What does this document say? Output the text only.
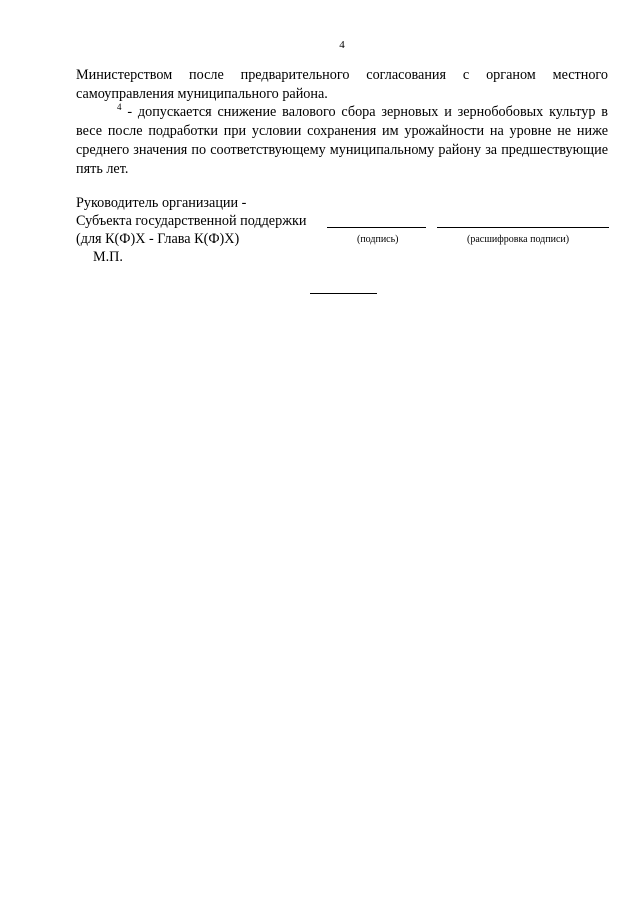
4
Министерством после предварительного согласования с органом местного самоуправления муниципального района.
$^4$ - допускается снижение валового сбора зерновых и зернобобовых культур в весе после подработки при условии сохранения им урожайности на уровне не ниже среднего значения по соответствующему муниципальному району за предшествующие пять лет.
Руководитель организации -
Субъекта государственной поддержки
(для К(Ф)Х - Глава К(Ф)Х)	(подпись)	(расшифровка подписи)
М.П.
